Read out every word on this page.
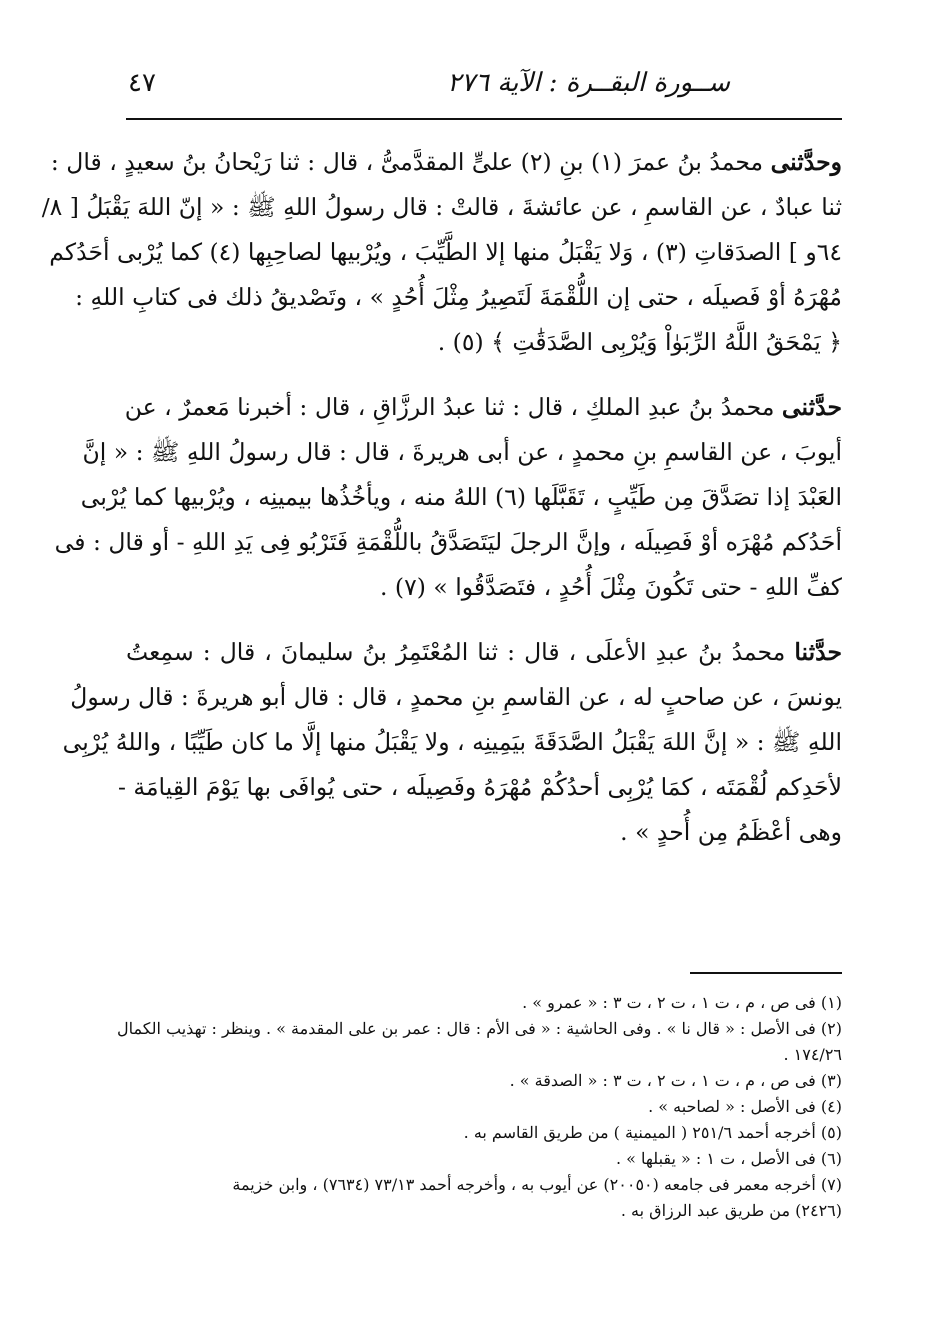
ســورة البقــرة : الآية ٢٧٦
٤٧
وحدَّثنى محمدُ بنُ عمرَ (١) بنِ (٢) علىٍّ المقدَّمىُّ ، قال : ثنا رَيْحانُ بنُ سعيدٍ ، قال :
ثنا عبادٌ ، عن القاسمِ ، عن عائشةَ ، قالتْ : قال رسولُ اللهِ ﷺ : « إنّ اللهَ يَقْبَلُ [ ٨/
٦٤و ] الصدَقاتِ (٣) ، وَلا يَقْبَلُ منها إلا الطَّيِّبَ ، ويُرْبيها لصاحِبِها (٤) كما يُرْبى أحَدُكم
مُهْرَهُ أوْ فَصيلَه ، حتى إن اللُّقْمَةَ لَتَصِيرُ مِثْلَ أُحُدٍ » ، وتَصْديقُ ذلك فى كتابِ اللهِ :
﴿ يَمْحَقُ اللَّهُ الرِّبَوٰاْ وَيُرْبِى الصَّدَقَٰتِ ﴾ (٥) .
حدَّثنى محمدُ بنُ عبدِ الملكِ ، قال : ثنا عبدُ الرزَّاقِ ، قال : أخبرنا مَعمرٌ ، عن
أيوبَ ، عن القاسمِ بنِ محمدٍ ، عن أبى هريرةَ ، قال : قال رسولُ اللهِ ﷺ : « إنَّ
العَبْدَ إذا تصَدَّقَ مِن طَيِّبٍ ، تَقَبَّلَها (٦) اللهُ منه ، ويأخُذُها بيمينِه ، ويُرْبيها كما يُرْبى
أحَدُكم مُهْرَه أوْ فَصِيلَه ، وإنَّ الرجلَ ليَتَصَدَّقُ باللُّقْمَةِ فَتَرْبُو فِى يَدِ اللهِ - أو قال : فى
كفِّ اللهِ - حتى تَكُونَ مِثْلَ أُحُدٍ ، فتَصَدَّقُوا » (٧) .
حدَّثنا محمدُ بنُ عبدِ الأعلَى ، قال : ثنا المُعْتَمِرُ بنُ سليمانَ ، قال : سمِعتُ
يونسَ ، عن صاحبٍ له ، عن القاسمِ بنِ محمدٍ ، قال : قال أبو هريرةَ : قال رسولُ
اللهِ ﷺ : « إنَّ اللهَ يَقْبَلُ الصَّدَقَةَ بيَمِينِه ، ولا يَقْبَلُ منها إلَّا ما كان طَيِّبًا ، واللهُ يُرْبِى
لأحَدِكم لُقْمَتَه ، كمَا يُرْبِى أحدُكُمْ مُهْرَهُ وفَصِيلَه ، حتى يُوافَى بها يَوْمَ القِيامَة -
وهى أعْظَمُ مِن أُحدٍ » .
(١) فى ص ، م ، ت ١ ، ت ٢ ، ت ٣ : « عمرو » .
(٢) فى الأصل : « قال نا » . وفى الحاشية : « فى الأم : قال : عمر بن على المقدمة » . وينظر : تهذيب الكمال
١٧٤/٢٦ .
(٣) فى ص ، م ، ت ١ ، ت ٢ ، ت ٣ : « الصدقة » .
(٤) فى الأصل : « لصاحبه » .
(٥) أخرجه أحمد ٢٥١/٦ ( الميمنية ) من طريق القاسم به .
(٦) فى الأصل ، ت ١ : « يقبلها » .
(٧) أخرجه معمر فى جامعه (٢٠٠٥٠) عن أيوب به ، وأخرجه أحمد ٧٣/١٣ (٧٦٣٤) ، وابن خزيمة
(٢٤٢٦) من طريق عبد الرزاق به .
